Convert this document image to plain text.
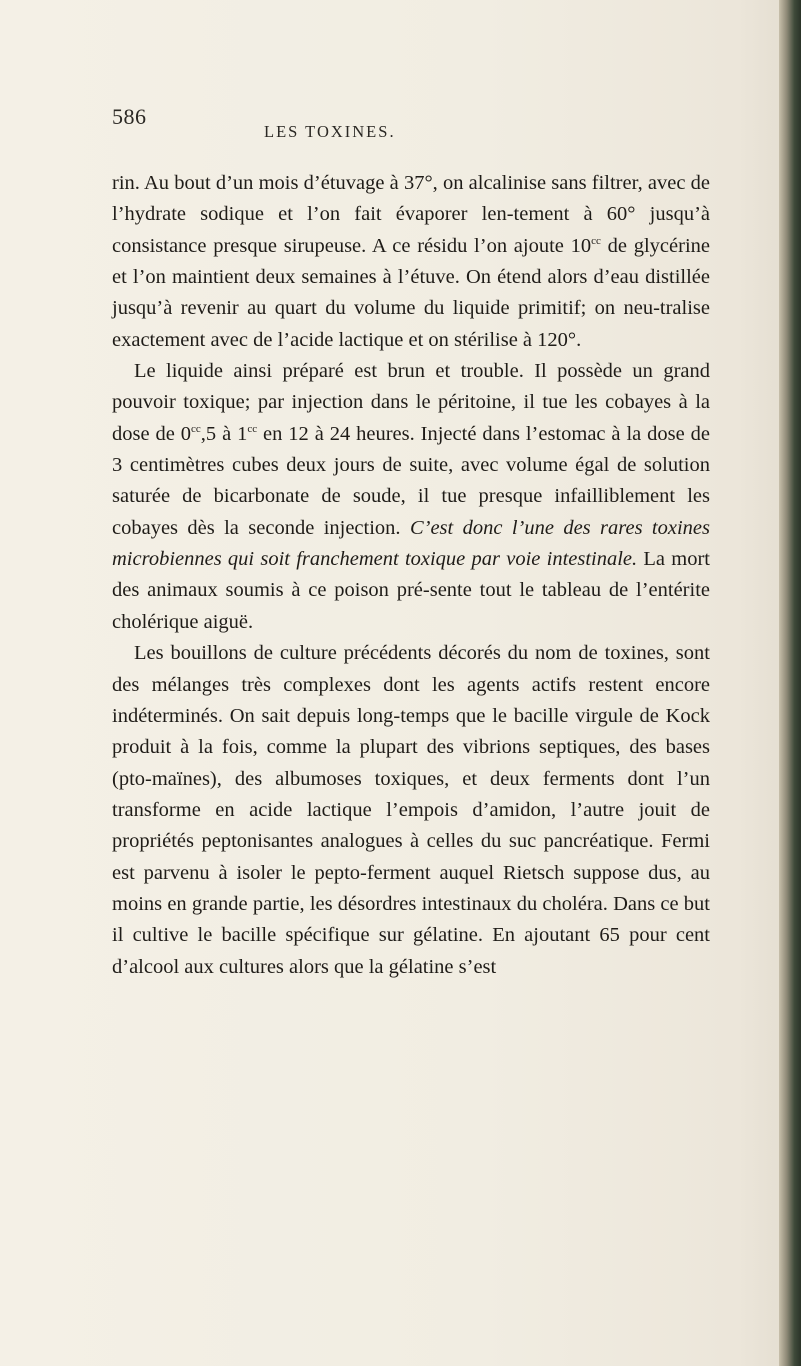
586
LES TOXINES.

rin. Au bout d’un mois d’étuvage à 37°, on alcalinise sans filtrer, avec de l’hydrate sodique et l’on fait évaporer len-tement à 60° jusqu’à consistance presque sirupeuse. A ce résidu l’on ajoute $10^{cc}$ de glycérine et l’on maintient deux semaines à l’étuve. On étend alors d’eau distillée jusqu’à revenir au quart du volume du liquide primitif; on neu-tralise exactement avec de l’acide lactique et on stérilise à 120°.

Le liquide ainsi préparé est brun et trouble. Il possède un grand pouvoir toxique; par injection dans le péritoine, il tue les cobayes à la dose de $0^{cc},5$ à $1^{cc}$ en 12 à 24 heures. Injecté dans l’estomac à la dose de 3 centimètres cubes deux jours de suite, avec volume égal de solution saturée de bicarbonate de soude, il tue presque infailliblement les cobayes dès la seconde injection. C’est donc l’une des rares toxines microbiennes qui soit franchement toxique par voie intestinale. La mort des animaux soumis à ce poison pré-sente tout le tableau de l’entérite cholérique aiguë.

Les bouillons de culture précédents décorés du nom de toxines, sont des mélanges très complexes dont les agents actifs restent encore indéterminés. On sait depuis long-temps que le bacille virgule de Kock produit à la fois, comme la plupart des vibrions septiques, des bases (pto-maïnes), des albumoses toxiques, et deux ferments dont l’un transforme en acide lactique l’empois d’amidon, l’autre jouit de propriétés peptonisantes analogues à celles du suc pancréatique. Fermi est parvenu à isoler le pepto-ferment auquel Rietsch suppose dus, au moins en grande partie, les désordres intestinaux du choléra. Dans ce but il cultive le bacille spécifique sur gélatine. En ajoutant 65 pour cent d’alcool aux cultures alors que la gélatine s’est
